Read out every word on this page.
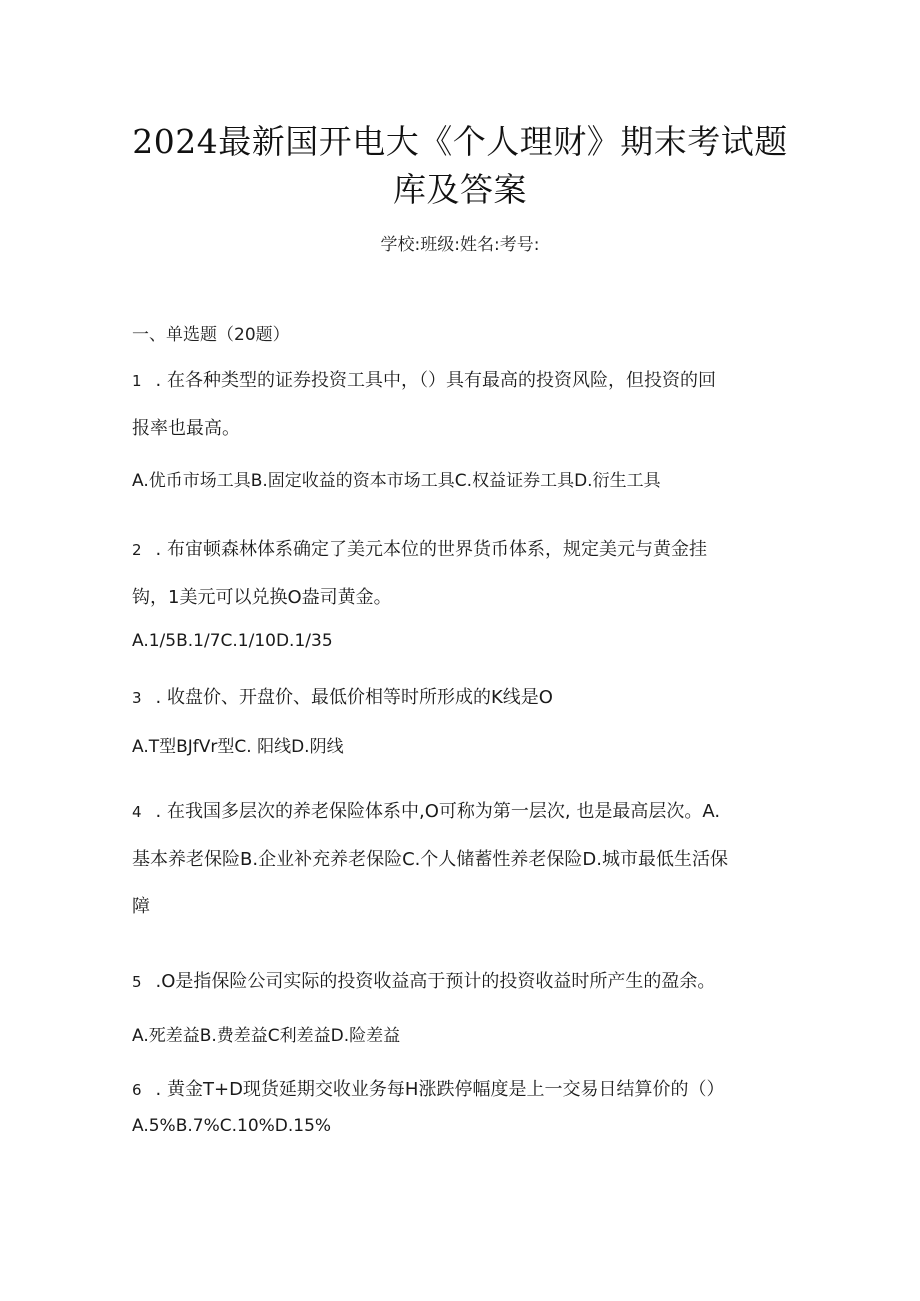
2024最新国开电大《个人理财》期末考试题
库及答案
学校:班级:姓名:考号:
一、单选题（20题）
1 . 在各种类型的证券投资工具中，（）具有最高的投资风险，但投资的回
报率也最高。
A.优币市场工具B.固定收益的资本市场工具C.权益证券工具D.衍生工具
2 . 布宙顿森林体系确定了美元本位的世界货币体系，规定美元与黄金挂
钩，1美元可以兑换O盎司黄金。
A.1/5B.1/7C.1/10D.1/35
3 . 收盘价、开盘价、最低价相等时所形成的K线是O
A.T型BJfVr型C. 阳线D.阴线
4 . 在我国多层次的养老保险体系中,O可称为第一层次, 也是最高层次。A.
基本养老保险B.企业补充养老保险C.个人储蓄性养老保险D.城市最低生活保
障
5 .O是指保险公司实际的投资收益高于预计的投资收益时所产生的盈余。
A.死差益B.费差益C利差益D.险差益
6 . 黄金T+D现货延期交收业务每H涨跌停幅度是上一交易日结算价的（）
A.5%B.7%C.10%D.15%
